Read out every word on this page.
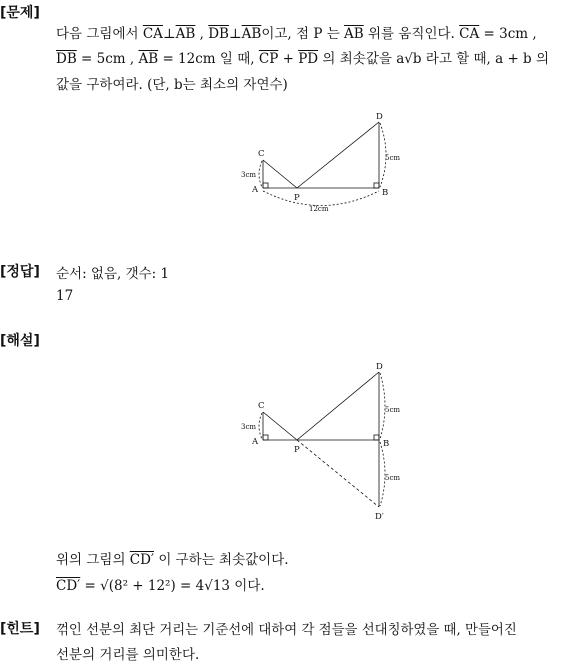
[문제]
다음 그림에서 $\overline{CA}\perp\overline{AB}$ , $\overline{DB}\perp\overline{AB}$이고, 점 P 는 $\overline{AB}$ 위를 움직인다. $\overline{CA} = 3cm$ ,
$\overline{DB} = 5cm$ , $\overline{AB} = 12cm$ 일 때, $\overline{CP} + \overline{PD}$ 의 최솟값을 a√b 라고 할 때, a + b 의
값을 구하여라. (단, b는 최소의 자연수)
D
C
A
P	B
3cm
5cm
12cm
[정답] 순서: 없음, 갯수: 1
17
[해설]
D
C
A
P
B
D′
3cm
5cm
5cm
위의 그림의 CD′ 이 구하는 최솟값이다.
CD′ = √(8² + 12²) = 4√13 이다.
[힌트] 꺾인 선분의 최단 거리는 기준선에 대하여 각 점들을 선대칭하였을 때, 만들어진
선분의 거리를 의미한다.
